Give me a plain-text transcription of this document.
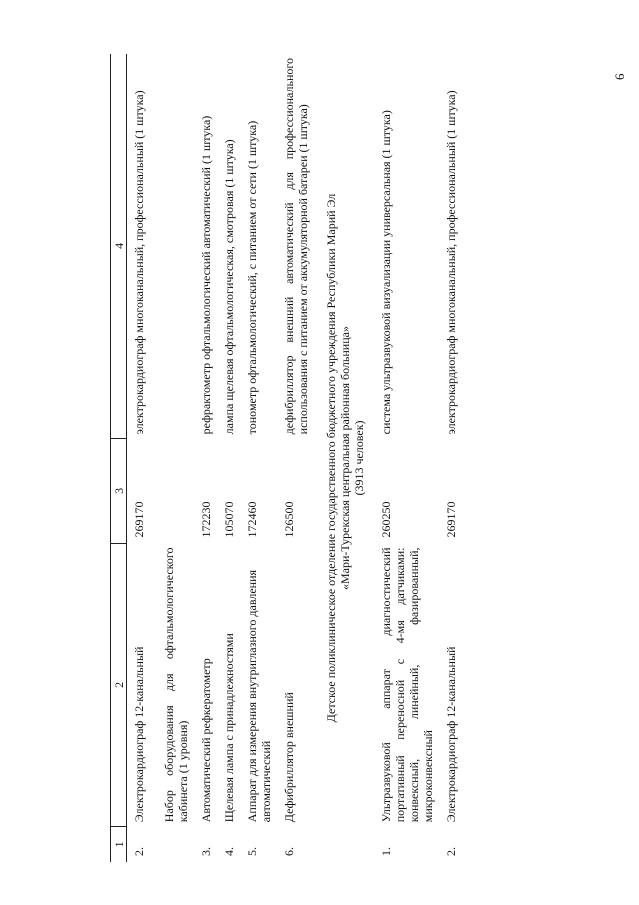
6
1	2	3	4
2.	Электрокардиограф 12-канальный	269170	электрокардиограф многоканальный, профессиональный (1 штука)
	Набор оборудования для офтальмологического кабинета (1 уровня)		
3.	Автоматический рефкератометр	172230	рефрактометр офтальмологический автоматический (1 штука)
4.	Щелевая лампа с принадлежностями	105070	лампа щелевая офтальмологическая, смотровая (1 штука)
5.	Аппарат для измерения внутриглазного давления автоматический	172460	тонометр офтальмологический, с питанием от сети (1 штука)
6.	Дефибриллятор внешний	126500	дефибриллятор внешний автоматический для профессионального использования с питанием от аккумуляторной батареи (1 штука)

Детское поликлиническое отделение государственного бюджетного учреждения Республики Марий Эл «Мари-Турекская центральная районная больница» (3913 человек)			

1.	Ультразвуковой аппарат диагностический портативный переносной с 4-мя датчиками: конвексный, линейный, фазированный, микроконвексный	260250	система ультразвуковой визуализации универсальная (1 штука)
2.	Электрокардиограф 12-канальный	269170	электрокардиограф многоканальный, профессиональный (1 штука)
